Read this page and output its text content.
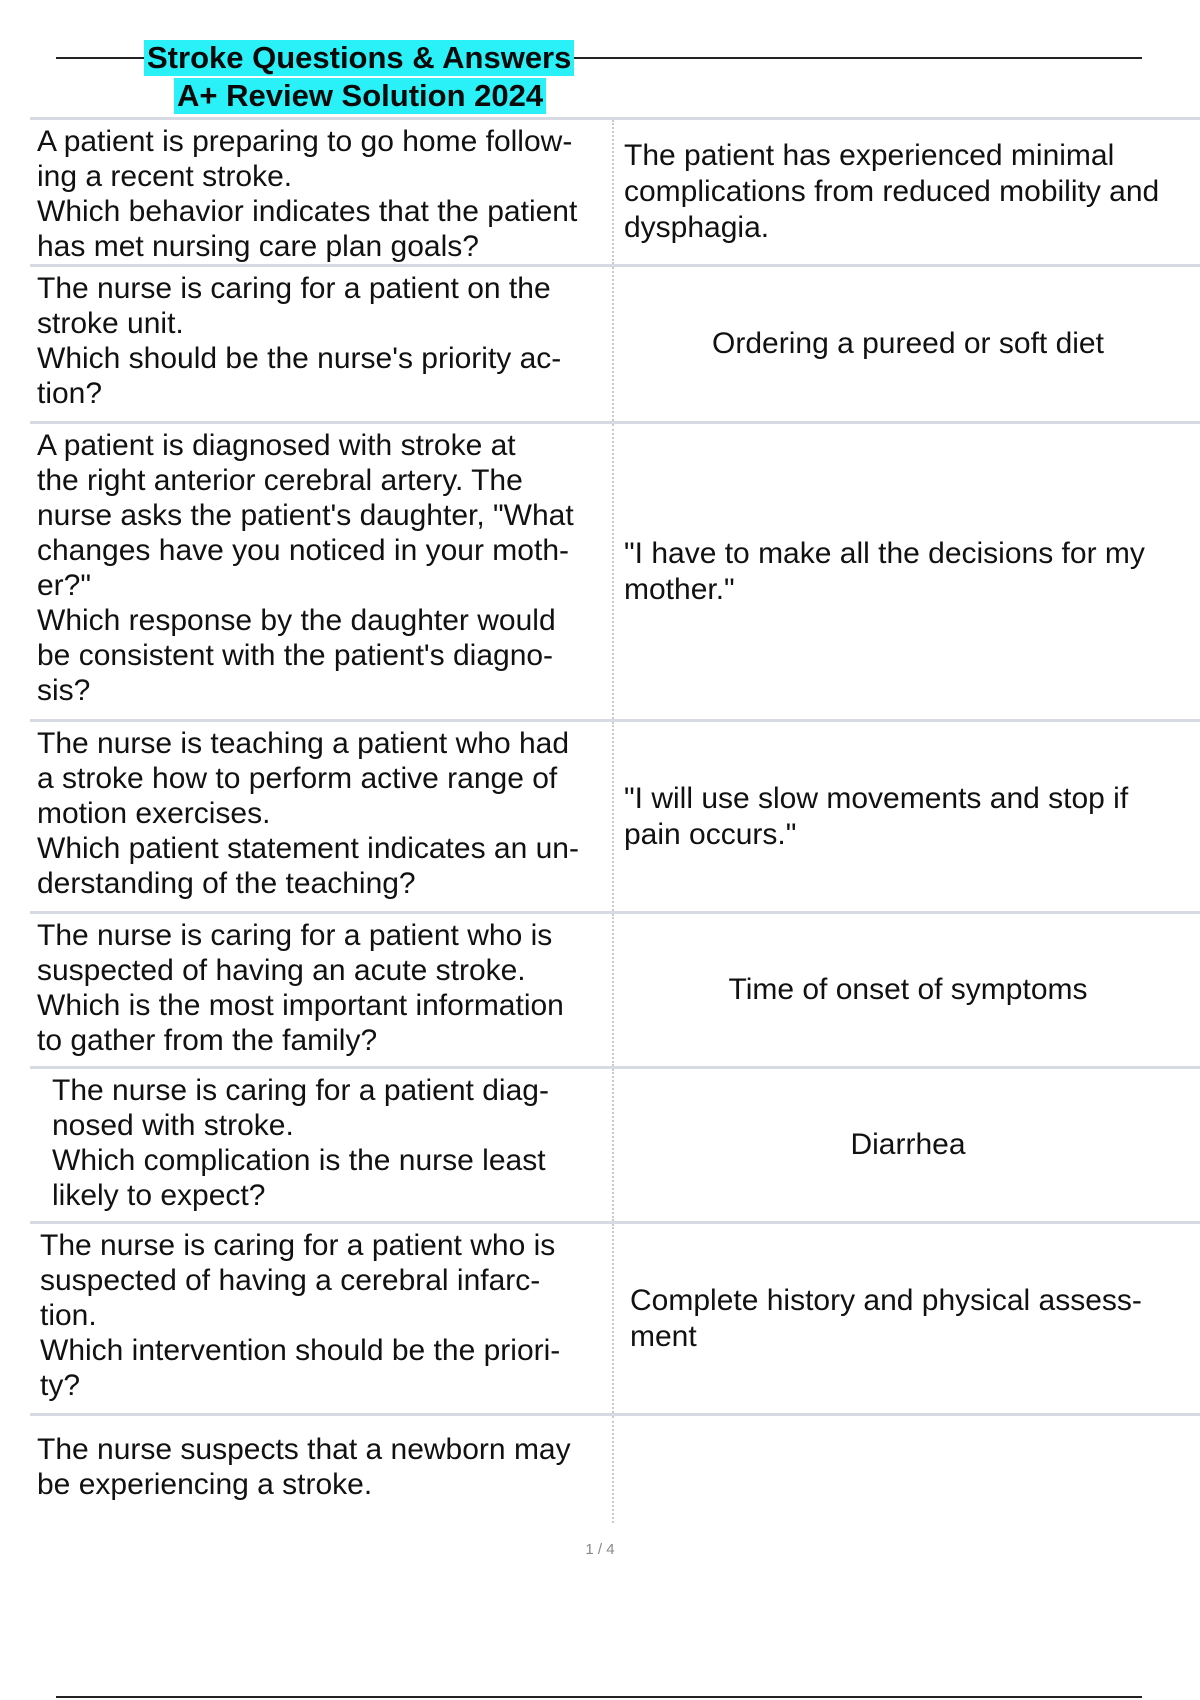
Stroke Questions & Answers
A+ Review Solution 2024
A patient is preparing to go home follow-
ing a recent stroke.
Which behavior indicates that the patient
has met nursing care plan goals?
The patient has experienced minimal
complications from reduced mobility and
dysphagia.
The nurse is caring for a patient on the
stroke unit.
Which should be the nurse's priority ac-
tion?
Ordering a pureed or soft diet
A patient is diagnosed with stroke at
the right anterior cerebral artery. The
nurse asks the patient's daughter, "What
changes have you noticed in your moth-
er?"
Which response by the daughter would
be consistent with the patient's diagno-
sis?
"I have to make all the decisions for my
mother."
The nurse is teaching a patient who had
a stroke how to perform active range of
motion exercises.
Which patient statement indicates an un-
derstanding of the teaching?
"I will use slow movements and stop if
pain occurs."
The nurse is caring for a patient who is
suspected of having an acute stroke.
Which is the most important information
to gather from the family?
Time of onset of symptoms
The nurse is caring for a patient diag-
nosed with stroke.
Which complication is the nurse least
likely to expect?
Diarrhea
The nurse is caring for a patient who is
suspected of having a cerebral infarc-
tion.
Which intervention should be the priori-
ty?
Complete history and physical assess-
ment
The nurse suspects that a newborn may
be experiencing a stroke.
1 / 4
